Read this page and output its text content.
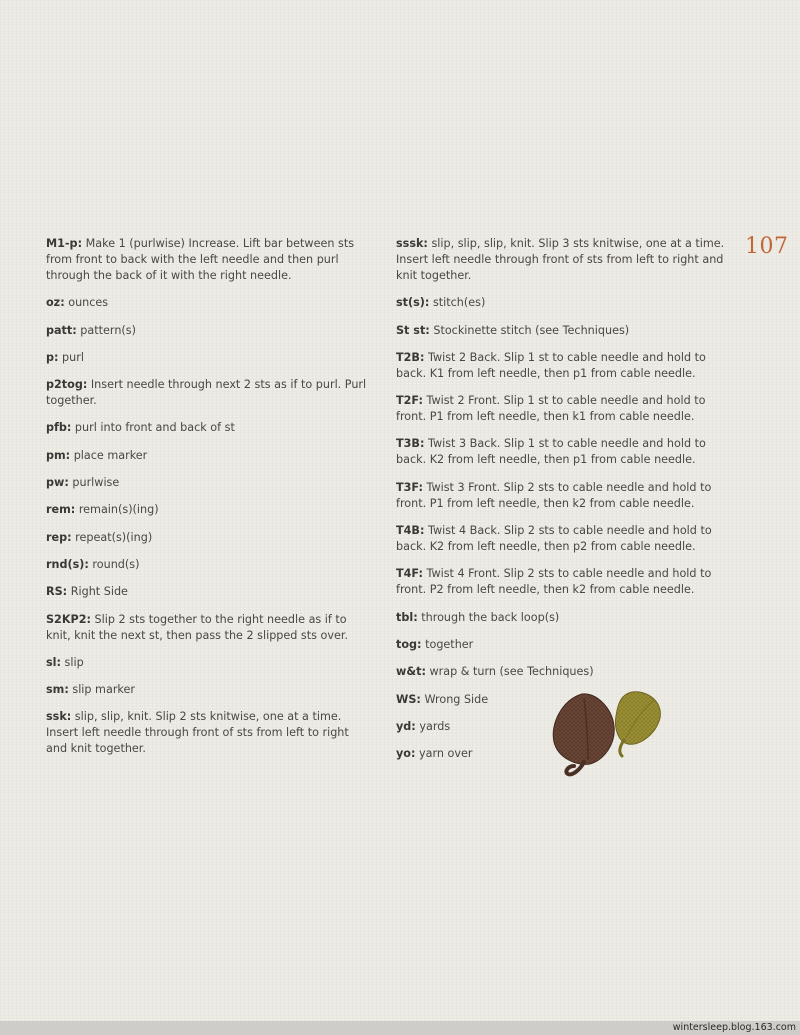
107

M1-p: Make 1 (purlwise) Increase. Lift bar between sts from front to back with the left needle and then purl through the back of it with the right needle.

oz: ounces

patt: pattern(s)

p: purl

p2tog: Insert needle through next 2 sts as if to purl. Purl together.

pfb: purl into front and back of st

pm: place marker

pw: purlwise

rem: remain(s)(ing)

rep: repeat(s)(ing)

rnd(s): round(s)

RS: Right Side

S2KP2: Slip 2 sts together to the right needle as if to knit, knit the next st, then pass the 2 slipped sts over.

sl: slip

sm: slip marker

ssk: slip, slip, knit. Slip 2 sts knitwise, one at a time. Insert left needle through front of sts from left to right and knit together.

sssk: slip, slip, slip, knit. Slip 3 sts knitwise, one at a time. Insert left needle through front of sts from left to right and knit together.

st(s): stitch(es)

St st: Stockinette stitch (see Techniques)

T2B: Twist 2 Back. Slip 1 st to cable needle and hold to back. K1 from left needle, then p1 from cable needle.

T2F: Twist 2 Front. Slip 1 st to cable needle and hold to front. P1 from left needle, then k1 from cable needle.

T3B: Twist 3 Back. Slip 1 st to cable needle and hold to back. K2 from left needle, then p1 from cable needle.

T3F: Twist 3 Front. Slip 2 sts to cable needle and hold to front. P1 from left needle, then k2 from cable needle.

T4B: Twist 4 Back. Slip 2 sts to cable needle and hold to back. K2 from left needle, then p2 from cable needle.

T4F: Twist 4 Front. Slip 2 sts to cable needle and hold to front. P2 from left needle, then k2 from cable needle.

tbl: through the back loop(s)

tog: together

w&t: wrap & turn (see Techniques)

WS: Wrong Side

yd: yards

yo: yarn over

wintersleep.blog.163.com
